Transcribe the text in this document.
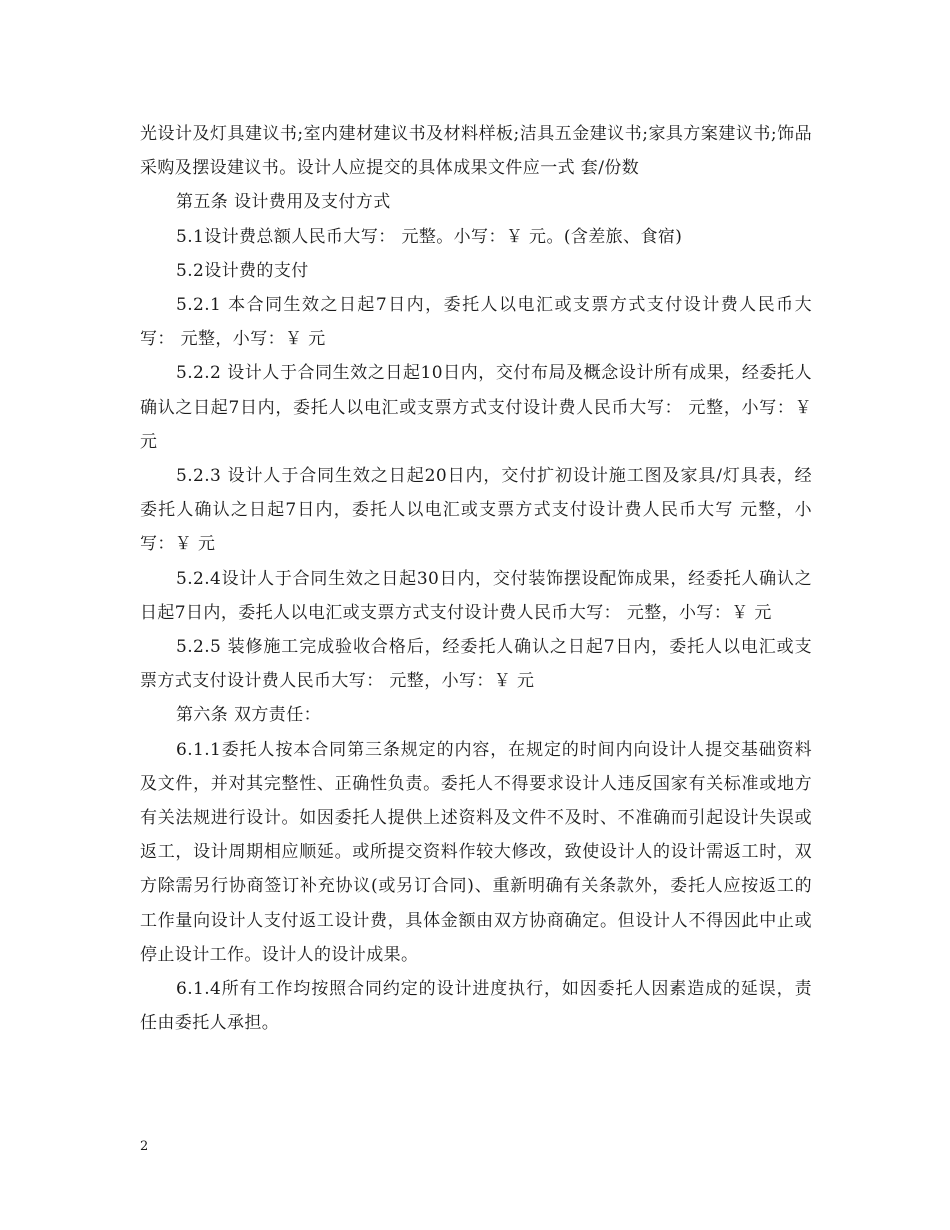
光设计及灯具建议书;室内建材建议书及材料样板;洁具五金建议书;家具方案建议书;饰品采购及摆设建议书。设计人应提交的具体成果文件应一式 套/份数

第五条 设计费用及支付方式

5.1设计费总额人民币大写： 元整。小写：￥ 元。(含差旅、食宿)

5.2设计费的支付

5.2.1 本合同生效之日起7日内，委托人以电汇或支票方式支付设计费人民币大写： 元整，小写：￥ 元

5.2.2 设计人于合同生效之日起10日内，交付布局及概念设计所有成果，经委托人确认之日起7日内，委托人以电汇或支票方式支付设计费人民币大写： 元整，小写：￥ 元

5.2.3 设计人于合同生效之日起20日内，交付扩初设计施工图及家具/灯具表，经委托人确认之日起7日内，委托人以电汇或支票方式支付设计费人民币大写 元整，小写：￥ 元

5.2.4设计人于合同生效之日起30日内，交付装饰摆设配饰成果，经委托人确认之日起7日内，委托人以电汇或支票方式支付设计费人民币大写： 元整，小写：￥ 元

5.2.5 装修施工完成验收合格后，经委托人确认之日起7日内，委托人以电汇或支票方式支付设计费人民币大写： 元整，小写：￥ 元

第六条 双方责任：

6.1.1委托人按本合同第三条规定的内容，在规定的时间内向设计人提交基础资料及文件，并对其完整性、正确性负责。委托人不得要求设计人违反国家有关标准或地方有关法规进行设计。如因委托人提供上述资料及文件不及时、不准确而引起设计失误或返工，设计周期相应顺延。或所提交资料作较大修改，致使设计人的设计需返工时，双方除需另行协商签订补充协议(或另订合同)、重新明确有关条款外，委托人应按返工的工作量向设计人支付返工设计费，具体金额由双方协商确定。但设计人不得因此中止或停止设计工作。设计人的设计成果。

6.1.4所有工作均按照合同约定的设计进度执行，如因委托人因素造成的延误，责任由委托人承担。

2
